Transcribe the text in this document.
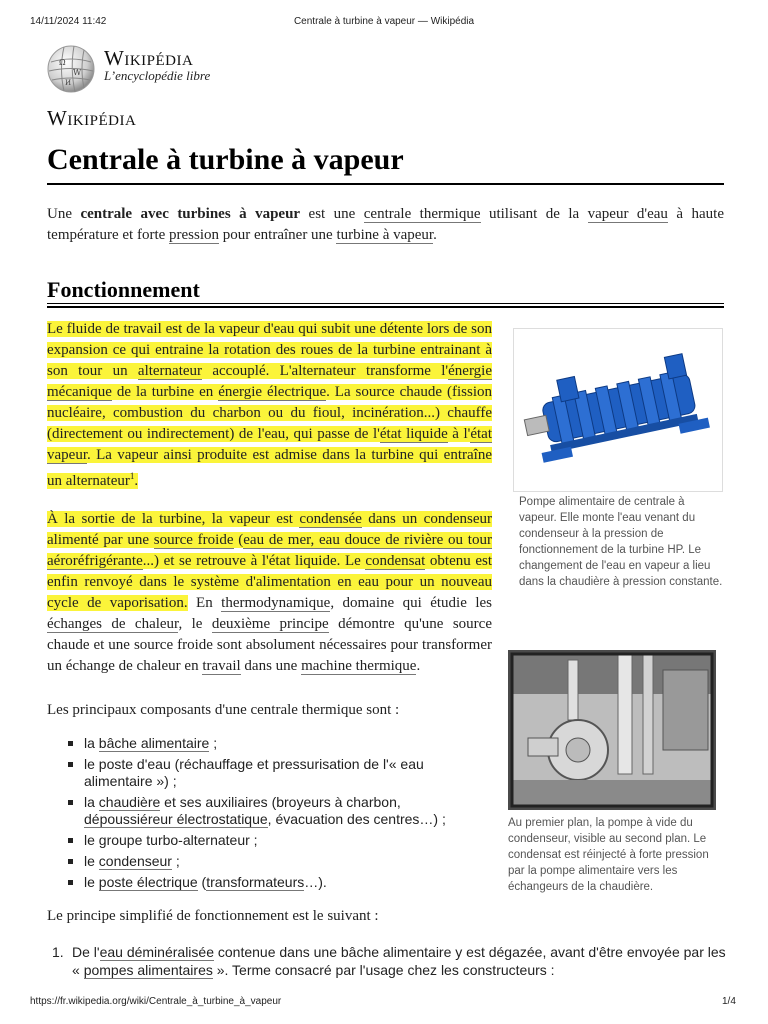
14/11/2024 11:42	Centrale à turbine à vapeur — Wikipédia
Ω
W
И
Wikipédia
L’encyclopédie libre
Wikipédia
Centrale à turbine à vapeur
Une centrale avec turbines à vapeur est une centrale thermique utilisant de la vapeur d'eau à haute température et forte pression pour entraîner une turbine à vapeur.
Fonctionnement

Le fluide de travail est de la vapeur d'eau qui subit une détente lors de son expansion ce qui entraine la rotation des roues de la turbine entrainant à son tour un alternateur accouplé. L'alternateur transforme l'énergie mécanique de la turbine en énergie électrique. La source chaude (fission nucléaire, combustion du charbon ou du fioul, incinération...) chauffe (directement ou indirectement) de l'eau, qui passe de l'état liquide à l'état vapeur. La vapeur ainsi produite est admise dans la turbine qui entraîne un alternateur$^1$.

À la sortie de la turbine, la vapeur est condensée dans un condenseur alimenté par une source froide (eau de mer, eau douce de rivière ou tour aéroréfrigérante...) et se retrouve à l'état liquide. Le condensat obtenu est enfin renvoyé dans le système d'alimentation en eau pour un nouveau cycle de vaporisation. En thermodynamique, domaine qui étudie les échanges de chaleur, le deuxième principe démontre qu'une source chaude et une source froide sont absolument nécessaires pour transformer un échange de chaleur en travail dans une machine thermique.

Pompe alimentaire de centrale à vapeur. Elle monte l'eau venant du condenseur à la pression de fonctionnement de la turbine HP. Le changement de l'eau en vapeur a lieu dans la chaudière à pression constante.
Au premier plan, la pompe à vide du condenseur, visible au second plan. Le condensat est réinjecté à forte pression par la pompe alimentaire vers les échangeurs de la chaudière.
Les principaux composants d'une centrale thermique sont :
la bâche alimentaire ;
le poste d'eau (réchauffage et pressurisation de l'« eau alimentaire ») ;
la chaudière et ses auxiliaires (broyeurs à charbon, dépoussiéreur électrostatique, évacuation des centres…) ;
le groupe turbo-alternateur ;
le condenseur ;
le poste électrique (transformateurs…).
Le principe simplifié de fonctionnement est le suivant :
1. De l'eau déminéralisée contenue dans une bâche alimentaire y est dégazée, avant d'être envoyée par les « pompes alimentaires ». Terme consacré par l'usage chez les constructeurs :
https://fr.wikipedia.org/wiki/Centrale_à_turbine_à_vapeur	1/4
